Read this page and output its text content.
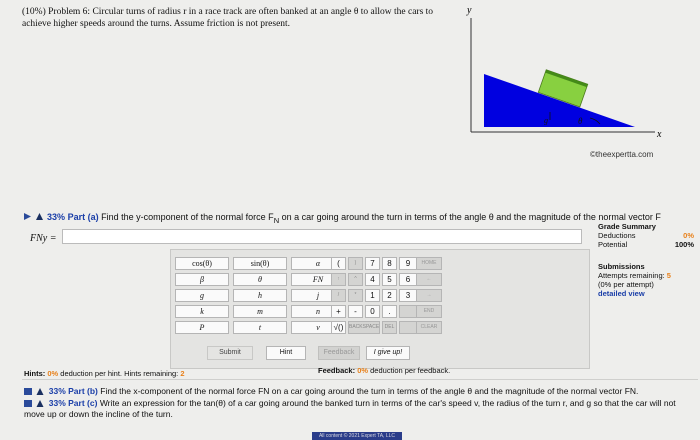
(10%) Problem 6: Circular turns of radius r in a race track are often banked at an angle θ to allow the cars to achieve higher speeds around the turns. Assume friction is not present.
y
x
g	θ
©theexpertta.com
33% Part (a) Find the y-component of the normal force $F_N$ on a car going around the turn in terms of the angle θ and the magnitude of the normal vector F
FNy =
Grade Summary
Deductions	0%
Potential	100%
Submissions
Attempts remaining: 5
(0% per attempt)
detailed view
cos(θ)	sin(θ)	α
β	θ	FN
g	h	j
k	m	n
P	t	v
(	)	7	8	9
↑	^	4	5	6
/	*	1	2	3
+	-	0	.
√()	BACKSPACE	DEL
HOME
←
→
END
CLEAR
Submit	Hint	Feedback	I give up!
Hints: 0% deduction per hint. Hints remaining: 2	Feedback: 0% deduction per feedback.
33% Part (b) Find the x-component of the normal force FN on a car going around the turn in terms of the angle θ and the magnitude of the normal vector FN.
33% Part (c) Write an expression for the tan(θ) of a car going around the banked turn in terms of the car's speed v, the radius of the turn r, and g so that the car will not move up or down the incline of the turn.
All content © 2021 Expert TA, LLC
